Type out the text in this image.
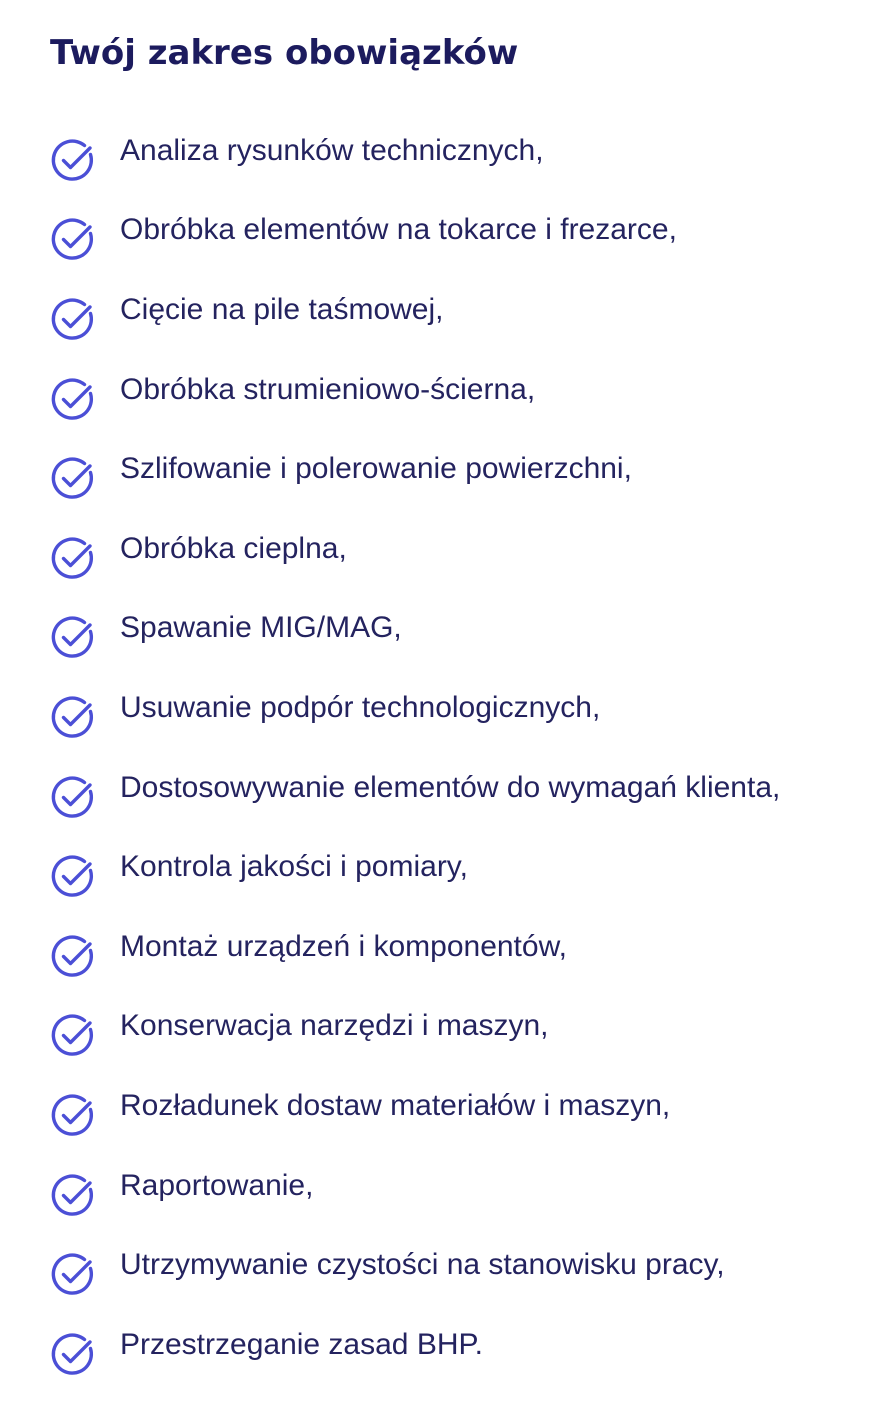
Twój zakres obowiązków
Analiza rysunków technicznych,
Obróbka elementów na tokarce i frezarce,
Cięcie na pile taśmowej,
Obróbka strumieniowo-ścierna,
Szlifowanie i polerowanie powierzchni,
Obróbka cieplna,
Spawanie MIG/MAG,
Usuwanie podpór technologicznych,
Dostosowywanie elementów do wymagań klienta,
Kontrola jakości i pomiary,
Montaż urządzeń i komponentów,
Konserwacja narzędzi i maszyn,
Rozładunek dostaw materiałów i maszyn,
Raportowanie,
Utrzymywanie czystości na stanowisku pracy,
Przestrzeganie zasad BHP.
